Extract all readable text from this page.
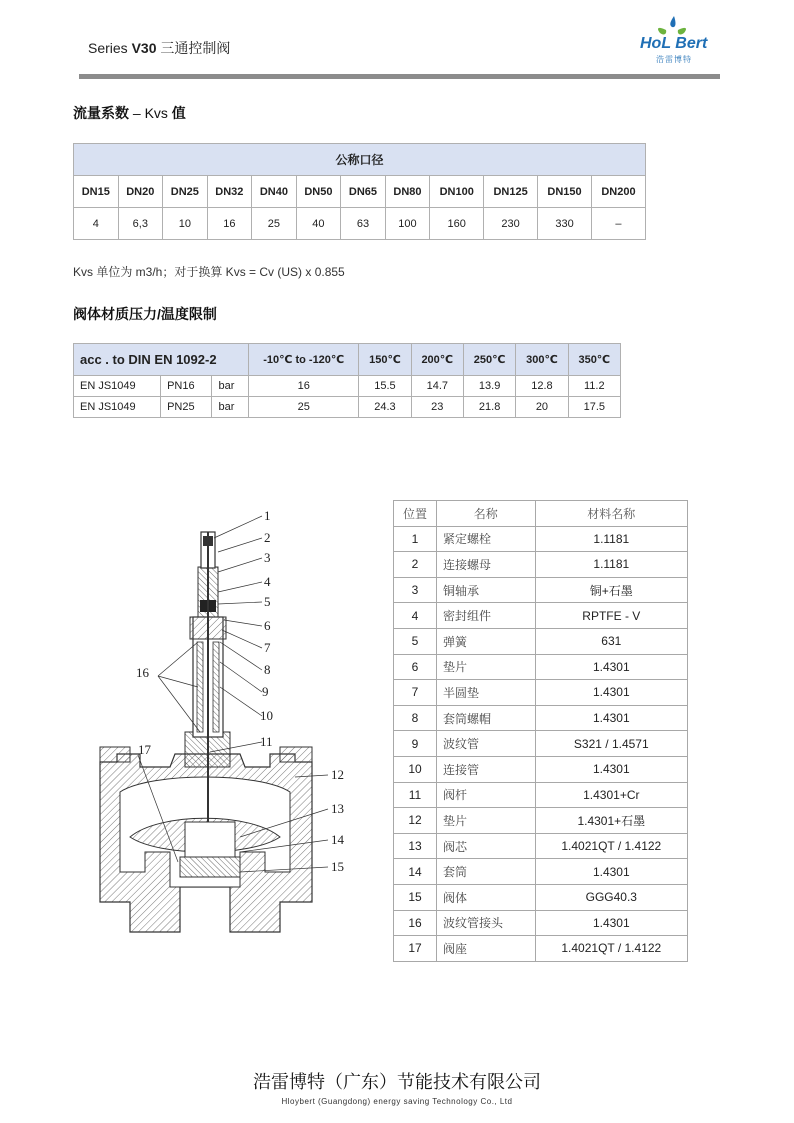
Series V30 三通控制阀	HoL Bert
浩雷博特
流量系数 – Kvs 值
公称口径											
DN15	DN20	DN25	DN32	DN40	DN50	DN65	DN80	DN100	DN125	DN150	DN200
4	6,3	10	16	25	40	63	100	160	230	330	–
Kvs 单位为 m3/h；对于换算 Kvs = Cv (US) x 0.855
阀体材质压力/温度限制
acc . to DIN EN 1092-2			-10℃ to -120℃	150℃	200℃	250℃	300℃	350℃
EN JS1049	PN16	bar	16	15.5	14.7	13.9	12.8	11.2
EN JS1049	PN25	bar	25	24.3	23	21.8	20	17.5
1
2
3
4
5
6
7
8
9
10
11
12
13
14
15
16
17
位置	名称	材料名称
1	紧定螺栓	1.1181
2	连接螺母	1.1181
3	铜轴承	铜+石墨
4	密封组件	RPTFE - V
5	弹簧	631
6	垫片	1.4301
7	半圆垫	1.4301
8	套筒螺帽	1.4301
9	波纹管	S321 / 1.4571
10	连接管	1.4301
11	阀杆	1.4301+Cr
12	垫片	1.4301+石墨
13	阀芯	1.4021QT / 1.4122
14	套筒	1.4301
15	阀体	GGG40.3
16	波纹管接头	1.4301
17	阀座	1.4021QT / 1.4122
浩雷博特（广东）节能技术有限公司
Hloybert (Guangdong) energy saving Technology Co., Ltd
